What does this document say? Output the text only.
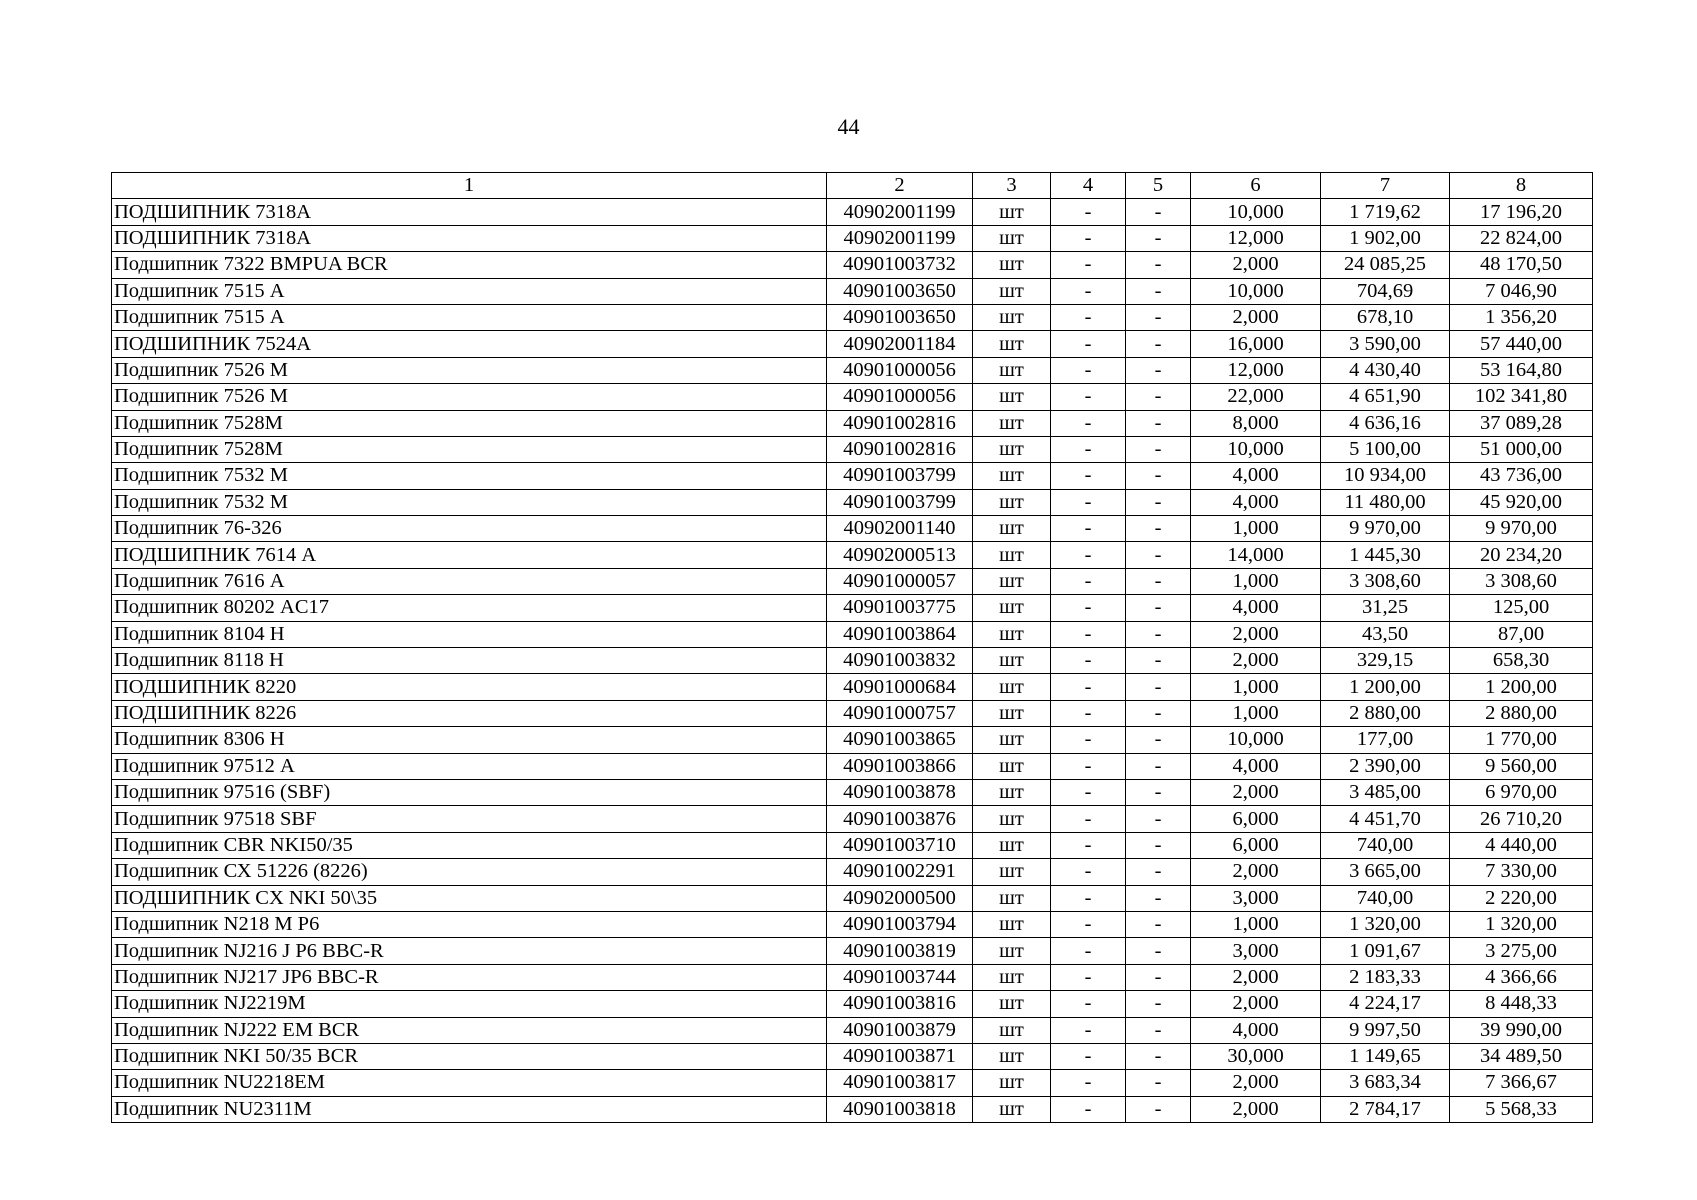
44
1	2	3	4	5	6	7	8
ПОДШИПНИК 7318А	40902001199	шт	-	-	10,000	1 719,62	17 196,20
ПОДШИПНИК 7318А	40902001199	шт	-	-	12,000	1 902,00	22 824,00
Подшипник 7322 BMPUA BCR	40901003732	шт	-	-	2,000	24 085,25	48 170,50
Подшипник 7515 А	40901003650	шт	-	-	10,000	704,69	7 046,90
Подшипник 7515 А	40901003650	шт	-	-	2,000	678,10	1 356,20
ПОДШИПНИК 7524А	40902001184	шт	-	-	16,000	3 590,00	57 440,00
Подшипник 7526 М	40901000056	шт	-	-	12,000	4 430,40	53 164,80
Подшипник 7526 М	40901000056	шт	-	-	22,000	4 651,90	102 341,80
Подшипник 7528М	40901002816	шт	-	-	8,000	4 636,16	37 089,28
Подшипник 7528М	40901002816	шт	-	-	10,000	5 100,00	51 000,00
Подшипник 7532 М	40901003799	шт	-	-	4,000	10 934,00	43 736,00
Подшипник 7532 М	40901003799	шт	-	-	4,000	11 480,00	45 920,00
Подшипник 76-326	40902001140	шт	-	-	1,000	9 970,00	9 970,00
ПОДШИПНИК 7614 А	40902000513	шт	-	-	14,000	1 445,30	20 234,20
Подшипник 7616 А	40901000057	шт	-	-	1,000	3 308,60	3 308,60
Подшипник 80202 AC17	40901003775	шт	-	-	4,000	31,25	125,00
Подшипник 8104 Н	40901003864	шт	-	-	2,000	43,50	87,00
Подшипник 8118 Н	40901003832	шт	-	-	2,000	329,15	658,30
ПОДШИПНИК 8220	40901000684	шт	-	-	1,000	1 200,00	1 200,00
ПОДШИПНИК 8226	40901000757	шт	-	-	1,000	2 880,00	2 880,00
Подшипник 8306 Н	40901003865	шт	-	-	10,000	177,00	1 770,00
Подшипник 97512 А	40901003866	шт	-	-	4,000	2 390,00	9 560,00
Подшипник 97516 (SBF)	40901003878	шт	-	-	2,000	3 485,00	6 970,00
Подшипник 97518 SBF	40901003876	шт	-	-	6,000	4 451,70	26 710,20
Подшипник CBR NKI50/35	40901003710	шт	-	-	6,000	740,00	4 440,00
Подшипник СХ 51226 (8226)	40901002291	шт	-	-	2,000	3 665,00	7 330,00
ПОДШИПНИК CX NKI 50\35	40902000500	шт	-	-	3,000	740,00	2 220,00
Подшипник N218 M P6	40901003794	шт	-	-	1,000	1 320,00	1 320,00
Подшипник NJ216 J P6 BBC-R	40901003819	шт	-	-	3,000	1 091,67	3 275,00
Подшипник NJ217 JP6 BBC-R	40901003744	шт	-	-	2,000	2 183,33	4 366,66
Подшипник NJ2219M	40901003816	шт	-	-	2,000	4 224,17	8 448,33
Подшипник NJ222 EM BCR	40901003879	шт	-	-	4,000	9 997,50	39 990,00
Подшипник NKI 50/35 BCR	40901003871	шт	-	-	30,000	1 149,65	34 489,50
Подшипник NU2218EM	40901003817	шт	-	-	2,000	3 683,34	7 366,67
Подшипник NU2311M	40901003818	шт	-	-	2,000	2 784,17	5 568,33
